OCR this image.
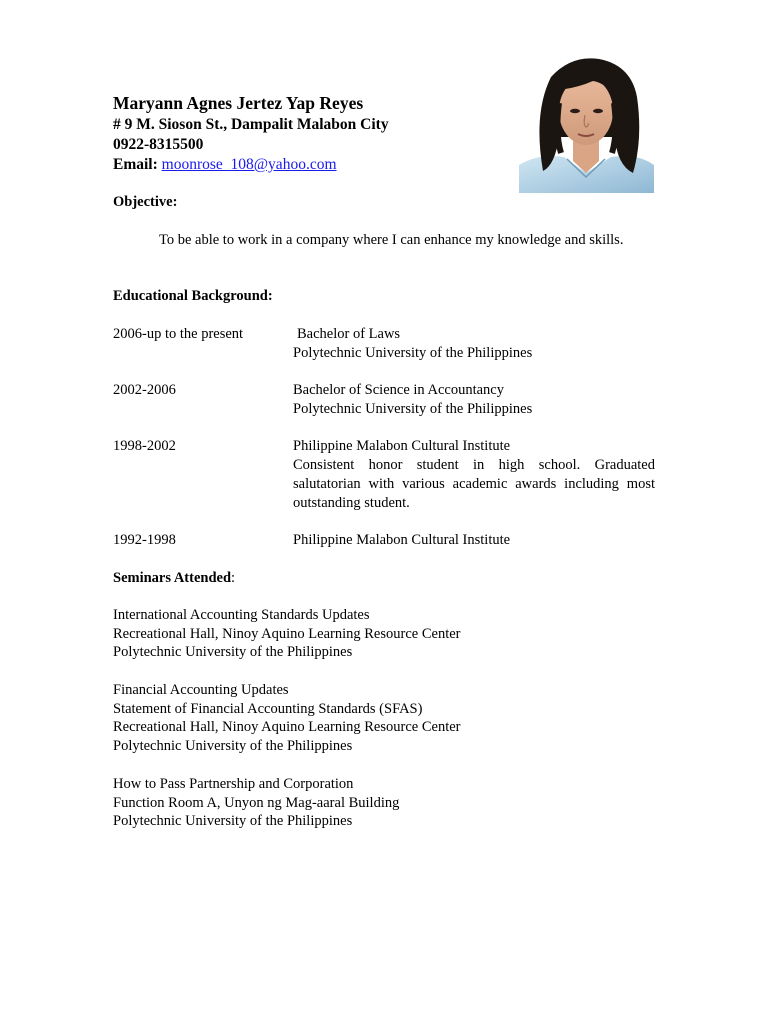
Maryann Agnes Jertez Yap Reyes
# 9 M. Sioson St., Dampalit Malabon City
0922-8315500
Email: moonrose_108@yahoo.com
Objective:
To be able to work in a company where I can enhance my knowledge and skills.
Educational Background:
2006-up to the present	Bachelor of Laws
Polytechnic University of the Philippines
2002-2006	Bachelor of Science in Accountancy
Polytechnic University of the Philippines
1998-2002	Philippine Malabon Cultural Institute
Consistent honor student in high school. Graduated salutatorian with various academic awards including most outstanding student.
1992-1998	Philippine Malabon Cultural Institute
Seminars Attended:
International Accounting Standards Updates
Recreational Hall, Ninoy Aquino Learning Resource Center
Polytechnic University of the Philippines
Financial Accounting Updates
Statement of Financial Accounting Standards (SFAS)
Recreational Hall, Ninoy Aquino Learning Resource Center
Polytechnic University of the Philippines
How to Pass Partnership and Corporation
Function Room A, Unyon ng Mag-aaral Building
Polytechnic University of the Philippines
